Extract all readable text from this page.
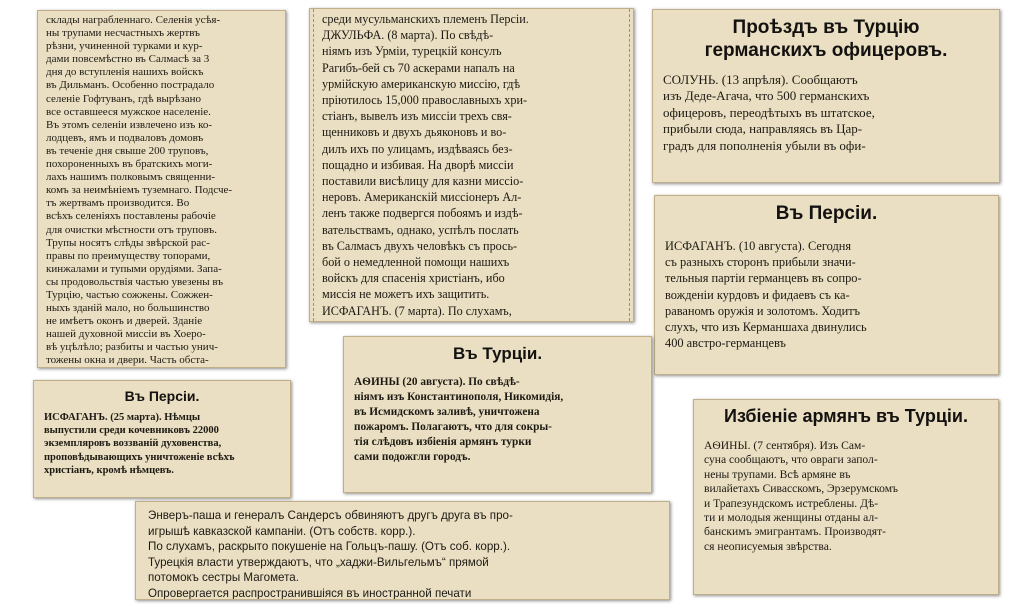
склады награбленнаго. Селенія усѣя-
ны трупами несчастныхъ жертвъ
рѣзни, учиненной турками и кур-
дами повсемѣстно въ Салмасѣ за 3
дня до вступленія нашихъ войскъ
въ Дильманъ. Особенно пострадало
селеніе Гофтуванъ, гдѣ вырѣзано
все оставшееся мужское населеніе.
Въ этомъ селеніи извлечено изъ ко-
лодцевъ, ямъ и подваловъ домовъ
въ теченіе дня свыше 200 труповъ,
похороненныхъ въ братскихъ моги-
лахъ нашимъ полковымъ священни-
комъ за неимѣніемъ туземнаго. Подсче-
тъ жертвамъ производится. Во
всѣхъ селеніяхъ поставлены рабочіе
для очистки мѣстности отъ труповъ.
Трупы носятъ слѣды звѣрской рас-
правы по преимуществу топорами,
кинжалами и тупыми орудіями. Запа-
сы продовольствія частью увезены въ
Турцію, частью сожжены. Сожжен-
ныхъ зданій мало, но большинство
не имѣетъ оконъ и дверей. Зданіе
нашей духовной миссіи въ Хоеро-
вѣ уцѣлѣло; разбиты и частью унич-
тожены окна и двери. Часть обста-
среди мусульманскихъ племенъ Персіи.
ДЖУЛЬФА. (8 марта). По свѣдѣ-
ніямъ изъ Урміи, турецкій консулъ
Рагибъ-бей съ 70 аскерами напалъ на
урмійскую американскую миссію, гдѣ
пріютилось 15,000 православныхъ хри-
стіанъ, вывелъ изъ миссіи трехъ свя-
щенниковъ и двухъ дьяконовъ и во-
дилъ ихъ по улицамъ, издѣваясь без-
пощадно и избивая. На дворѣ миссіи
поставили висѣлицу для казни миссіо-
неровъ. Американскій миссіонеръ Ал-
ленъ также подвергся побоямъ и издѣ-
вательствамъ, однако, успѣлъ послать
въ Салмасъ двухъ человѣкъ съ прось-
бой о немедленной помощи нашихъ
войскъ для спасенія христіанъ, ибо
миссія не можетъ ихъ защитить.
ИСФАГАНЪ. (7 марта). По слухамъ,
Проѣздъ въ Турцію германскихъ офицеровъ.
СОЛУНЬ. (13 апрѣля). Сообщаютъ
изъ Деде-Агача, что 500 германскихъ
офицеровъ, переодѣтыхъ въ штатское,
прибыли сюда, направляясь въ Цар-
градъ для пополненія убыли въ офи-
Въ Персіи.
ИСФАГАНЪ. (10 августа). Сегодня
съ разныхъ сторонъ прибыли значи-
тельныя партіи германцевъ въ сопро-
вожденіи курдовъ и фидаевъ съ ка-
раваномъ оружія и золотомъ. Ходитъ
слухъ, что изъ Керманшаха двинулись
400 австро-германцевъ
Въ Персіи.
ИСФАГАНЪ. (25 марта). Нѣмцы
выпустили среди кочевниковъ 22000
экземпляровъ воззваній духовенства,
проповѣдывающихъ уничтоженіе всѣхъ
христіанъ, кромѣ нѣмцевъ.
Въ Турціи.
АѲИНЫ (20 августа). По свѣдѣ-
ніямъ изъ Константинополя, Никомидія,
въ Исмидскомъ заливѣ, уничтожена
пожаромъ. Полагаютъ, что для сокры-
тія слѣдовъ избіенія армянъ турки
сами подожгли городъ.
Избіеніе армянъ въ Турціи.
АѲИНЫ. (7 сентября). Изъ Сам-
суна сообщаютъ, что овраги запол-
нены трупами. Всѣ армяне въ
вилайетахъ Сивасскомъ, Эрзерумскомъ
и Трапезундскомъ истреблены. Дѣ-
ти и молодыя женщины отданы ал-
банскимъ эмигрантамъ. Производят-
ся неописуемыя звѣрства.
Энверъ-паша и генералъ Сандерсъ обвиняютъ другъ друга въ про-
игрышѣ кавказской кампаніи. (Отъ собств. корр.).
По слухамъ, раскрыто покушеніе на Гольцъ-пашу. (Отъ соб. корр.).
Турецкія власти утверждаютъ, что „хаджи-Вильгельмъ“ прямой
потомокъ сестры Магомета.
Опровергается распространившіяся въ иностранной печати
